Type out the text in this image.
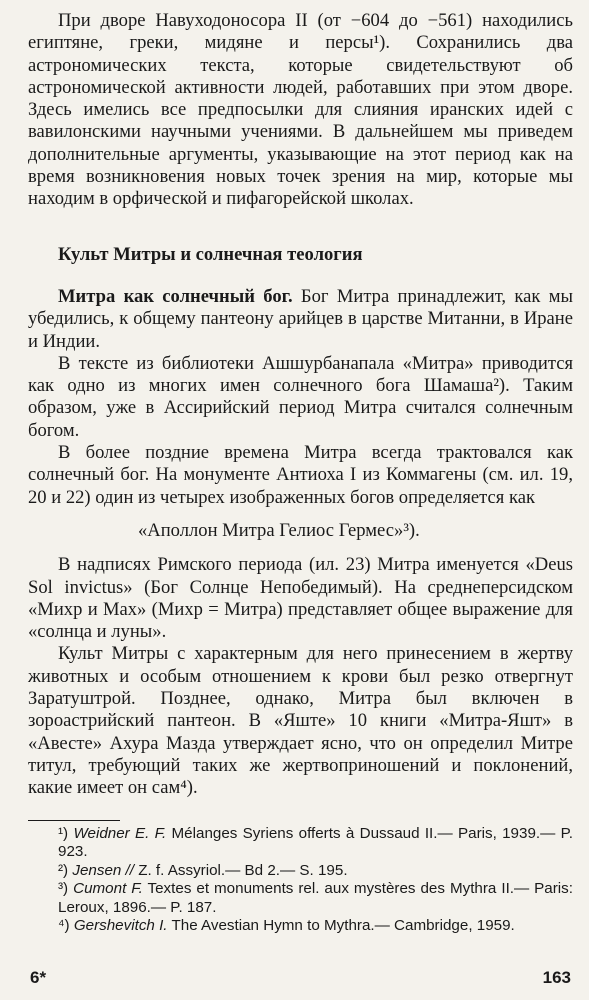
При дворе Навуходоносора II (от −604 до −561) находились египтяне, греки, мидяне и персы¹). Сохранились два астрономических текста, которые свидетельствуют об астрономической активности людей, работавших при этом дворе. Здесь имелись все предпосылки для слияния иранских идей с вавилонскими научными учениями. В дальнейшем мы приведем дополнительные аргументы, указывающие на этот период как на время возникновения новых точек зрения на мир, которые мы находим в орфической и пифагорейской школах.

Культ Митры и солнечная теология

Митра как солнечный бог. Бог Митра принадлежит, как мы убедились, к общему пантеону арийцев в царстве Митанни, в Иране и Индии.

В тексте из библиотеки Ашшурбанапала «Митра» приводится как одно из многих имен солнечного бога Шамаша²). Таким образом, уже в Ассирийский период Митра считался солнечным богом.

В более поздние времена Митра всегда трактовался как солнечный бог. На монументе Антиоха I из Коммагены (см. ил. 19, 20 и 22) один из четырех изображенных богов определяется как

«Аполлон Митра Гелиос Гермес»³).

В надписях Римского периода (ил. 23) Митра именуется «Deus Sol invictus» (Бог Солнце Непобедимый). На среднеперсидском «Михр и Мах» (Михр = Митра) представляет общее выражение для «солнца и луны».

Культ Митры с характерным для него принесением в жертву животных и особым отношением к крови был резко отвергнут Заратуштрой. Позднее, однако, Митра был включен в зороастрийский пантеон. В «Яште» 10 книги «Митра-Яшт» в «Авесте» Ахура Мазда утверждает ясно, что он определил Митре титул, требующий таких же жертвоприношений и поклонений, какие имеет он сам⁴).

¹) Weidner E. F. Mélanges Syriens offerts à Dussaud II.— Paris, 1939.— P. 923.

²) Jensen // Z. f. Assyriol.— Bd 2.— S. 195.

³) Cumont F. Textes et monuments rel. aux mystères des Mythra II.— Paris: Leroux, 1896.— P. 187.

⁴) Gershevitch I. The Avestian Hymn to Mythra.— Cambridge, 1959.

6*	163
